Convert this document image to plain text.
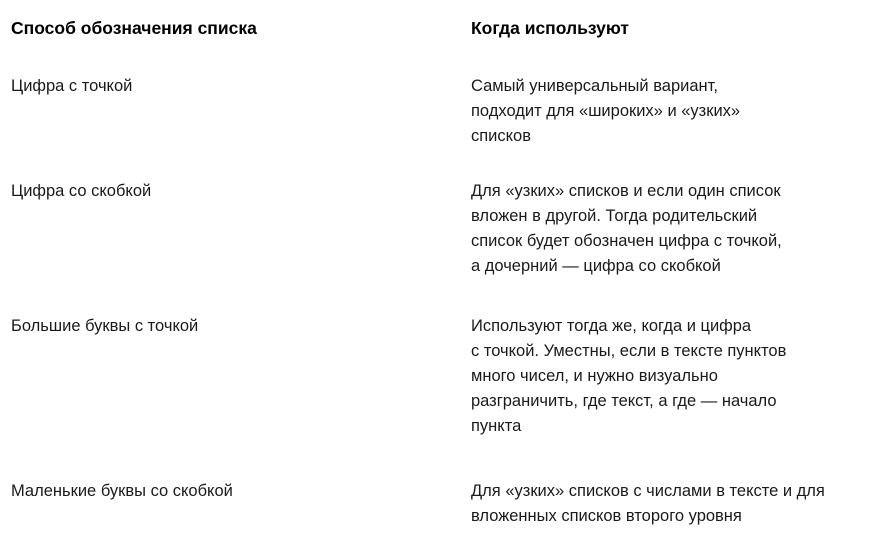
Способ обозначения списка	Когда используют
Цифра с точкой	Самый универсальный вариант,
подходит для «широких» и «узких»
списков
Цифра со скобкой	Для «узких» списков и если один список
вложен в другой. Тогда родительский
список будет обозначен цифра с точкой,
а дочерний — цифра со скобкой
Большие буквы с точкой	Используют тогда же, когда и цифра
с точкой. Уместны, если в тексте пунктов
много чисел, и нужно визуально
разграничить, где текст, а где — начало
пункта
Маленькие буквы со скобкой	Для «узких» списков с числами в тексте и для
вложенных списков второго уровня
